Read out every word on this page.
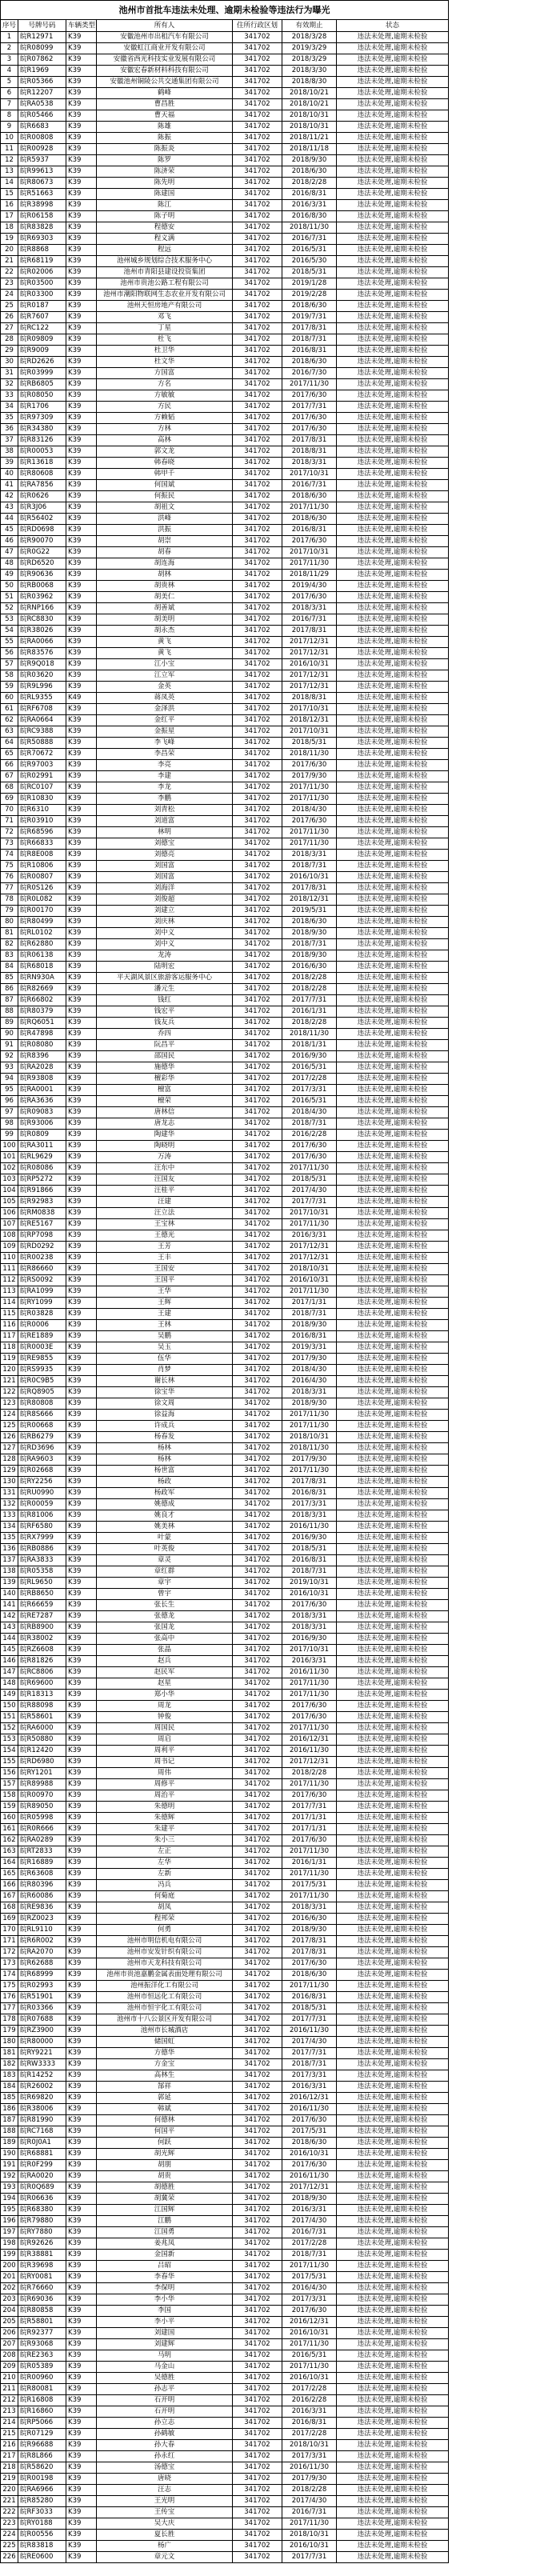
池州市首批车违法未处理、逾期未检验等违法行为曝光						
序号	号牌号码	车辆类型	所有人	住所行政区划	有效期止	状态
1	皖R12971	K39	安徽池州市出租汽车有限公司	341702	2018/3/28	违法未处理,逾期未检验
2	皖R08099	K39	安徽虹江商业开发有限公司	341702	2019/3/29	违法未处理,逾期未检验
3	皖R07862	K39	安徽省西光科技实业发展有限公司	341702	2018/3/29	违法未处理,逾期未检验
4	皖R1969	K39	安徽宏春新材料科技有限公司	341702	2018/3/30	违法未处理,逾期未检验
5	皖R05366	K39	安徽池州铜陵公共交通集团有限公司	341702	2018/8/30	违法未处理,逾期未检验
6	皖R12207	K39	鹤峰	341702	2018/10/21	违法未处理,逾期未检验
7	皖RA0538	K39	曹昌胜	341702	2018/10/21	违法未处理,逾期未检验
8	皖R05466	K39	曹天福	341702	2018/10/31	违法未处理,逾期未检验
9	皖R6683	K39	陈雄	341702	2018/10/31	违法未处理,逾期未检验
10	皖R00808	K39	陈振	341702	2018/11/21	违法未处理,逾期未检验
11	皖R00928	K39	陈振炎	341702	2018/11/18	违法未处理,逾期未检验
12	皖R5937	K39	陈罗	341702	2018/9/30	违法未处理,逾期未检验
13	皖R99613	K39	陈济荣	341702	2018/6/30	违法未处理,逾期未检验
14	皖R80673	K39	陈先明	341702	2018/2/28	违法未处理,逾期未检验
15	皖R51663	K39	陈建国	341702	2016/8/31	违法未处理,逾期未检验
16	皖R38998	K39	陈江	341702	2016/3/31	违法未处理,逾期未检验
17	皖R06158	K39	陈子明	341702	2016/8/30	违法未处理,逾期未检验
18	皖R83828	K39	程德安	341702	2018/11/30	违法未处理,逾期未检验
19	皖R69303	K39	程义满	341702	2016/7/31	违法未处理,逾期未检验
20	皖R8868	K39	程远	341702	2016/5/31	违法未处理,逾期未检验
21	皖R68119	K39	池州城乡规划综合技术服务中心	341702	2016/5/30	违法未处理,逾期未检验
22	皖R02006	K39	池州市青阳县建设投资集团	341702	2018/5/31	违法未处理,逾期未检验
23	皖R03500	K39	池州市贵池公路工程有限公司	341702	2019/1/28	违法未处理,逾期未检验
24	皖R03300	K39	池州市潮阳物联网生态农业开发有限公司	341702	2019/2/28	违法未处理,逾期未检验
25	皖R0187	K39	池州天恒房地产有限公司	341702	2018/6/30	违法未处理,逾期未检验
26	皖R7607	K39	邓飞	341702	2019/7/31	违法未处理,逾期未检验
27	皖RC122	K39	丁星	341702	2017/8/31	违法未处理,逾期未检验
28	皖R09809	K39	杜飞	341702	2018/7/31	违法未处理,逾期未检验
29	皖R9009	K39	杜卫华	341702	2016/8/31	违法未处理,逾期未检验
30	皖RD2626	K39	杜文华	341702	2018/6/30	违法未处理,逾期未检验
31	皖R03999	K39	方国富	341702	2016/7/30	违法未处理,逾期未检验
32	皖RB6805	K39	方名	341702	2017/11/30	违法未处理,逾期未检验
33	皖R08050	K39	方敏敏	341702	2017/6/30	违法未处理,逾期未检验
34	皖R1706	K39	方民	341702	2017/7/31	违法未处理,逾期未检验
35	皖R97309	K39	方赖韬	341702	2017/6/30	违法未处理,逾期未检验
36	皖R34380	K39	方林	341702	2017/6/30	违法未处理,逾期未检验
37	皖R83126	K39	高林	341702	2017/8/31	违法未处理,逾期未检验
38	皖R00053	K39	郭文龙	341702	2018/8/31	违法未处理,逾期未检验
39	皖R13618	K39	韩春晓	341702	2018/3/31	违法未处理,逾期未检验
40	皖R80608	K39	韩甲千	341702	2017/10/31	违法未处理,逾期未检验
41	皖RA7856	K39	何国斌	341702	2016/7/31	违法未处理,逾期未检验
42	皖R0626	K39	何振民	341702	2018/6/30	违法未处理,逾期未检验
43	皖R3J06	K39	胡祖文	341702	2017/11/30	违法未处理,逾期未检验
44	皖R56402	K39	洪峰	341702	2018/6/30	违法未处理,逾期未检验
45	皖RD0698	K39	洪振	341702	2016/8/31	违法未处理,逾期未检验
46	皖R90070	K39	胡崇	341702	2017/6/30	违法未处理,逾期未检验
47	皖R0G22	K39	胡春	341702	2017/10/31	违法未处理,逾期未检验
48	皖RD6520	K39	胡连海	341702	2017/11/30	违法未处理,逾期未检验
49	皖R90636	K39	胡林	341702	2018/11/29	违法未处理,逾期未检验
50	皖RB0068	K39	胡贵林	341702	2019/4/30	违法未处理,逾期未检验
51	皖R03962	K39	胡美仁	341702	2017/6/30	违法未处理,逾期未检验
52	皖RNP166	K39	胡善斌	341702	2018/3/31	违法未处理,逾期未检验
53	皖RC8830	K39	胡美明	341702	2016/7/31	违法未处理,逾期未检验
54	皖R38026	K39	胡永杰	341702	2017/8/31	违法未处理,逾期未检验
55	皖RA0066	K39	黄飞	341702	2017/12/31	违法未处理,逾期未检验
56	皖R83576	K39	黄飞	341702	2017/12/31	违法未处理,逾期未检验
57	皖R9Q018	K39	江小宝	341702	2016/10/31	违法未处理,逾期未检验
58	皖R03620	K39	江立军	341702	2017/12/31	违法未处理,逾期未检验
59	皖R9L996	K39	金英	341702	2017/12/31	违法未处理,逾期未检验
60	皖RL9355	K49	蒋凤英	341702	2018/8/31	违法未处理,逾期未检验
61	皖RF6708	K39	金泽洪	341702	2017/10/31	违法未处理,逾期未检验
62	皖RA0664	K39	金红平	341702	2018/12/31	违法未处理,逾期未检验
63	皖RC9388	K39	金振星	341702	2017/10/31	违法未处理,逾期未检验
64	皖R50888	K39	李飞峰	341702	2018/5/31	违法未处理,逾期未检验
65	皖R70672	K39	李昌荣	341702	2018/11/30	违法未处理,逾期未检验
66	皖R97003	K39	李亮	341702	2017/6/30	违法未处理,逾期未检验
67	皖R02991	K39	李建	341702	2017/9/30	违法未处理,逾期未检验
68	皖RC0107	K39	李龙	341702	2017/11/30	违法未处理,逾期未检验
69	皖R10830	K39	李鹏	341702	2017/11/30	违法未处理,逾期未检验
70	皖R6310	K39	刘青松	341702	2018/4/30	违法未处理,逾期未检验
71	皖R03910	K39	刘道富	341702	2017/6/30	违法未处理,逾期未检验
72	皖R68596	K39	林明	341702	2017/11/30	违法未处理,逾期未检验
73	皖R66833	K39	刘德宝	341702	2017/11/30	违法未处理,逾期未检验
74	皖R8E008	K39	刘德亮	341702	2018/3/31	违法未处理,逾期未检验
75	皖R10806	K39	刘国富	341702	2018/7/31	违法未处理,逾期未检验
76	皖R00807	K39	刘国富	341702	2016/10/31	违法未处理,逾期未检验
77	皖R0S126	K39	刘海洋	341702	2017/8/31	违法未处理,逾期未检验
78	皖R0L082	K39	刘俊超	341702	2018/12/31	违法未处理,逾期未检验
79	皖R00170	K39	刘建立	341702	2019/5/31	违法未处理,逾期未检验
80	皖R80499	K39	刘庆林	341702	2018/6/30	违法未处理,逾期未检验
81	皖RL0102	K39	刘中义	341702	2018/9/30	违法未处理,逾期未检验
82	皖R62880	K39	刘中义	341702	2018/7/31	违法未处理,逾期未检验
83	皖R06138	K39	龙涛	341702	2018/9/30	违法未处理,逾期未检验
84	皖R68018	K39	陆明宏	341702	2016/6/30	违法未处理,逾期未检验
85	皖RN930A	K39	平天湖风景区旅游客运服务中心	341702	2018/2/28	违法未处理,逾期未检验
86	皖R82669	K39	潘元生	341702	2018/2/28	违法未处理,逾期未检验
87	皖R66802	K39	钱红	341702	2017/7/31	违法未处理,逾期未检验
88	皖R80379	K39	钱宏平	341702	2016/1/31	违法未处理,逾期未检验
89	皖RQ6051	K39	钱友兵	341702	2018/2/28	违法未处理,逾期未检验
90	皖R47898	K39	乔四	341702	2018/11/30	违法未处理,逾期未检验
91	皖R08080	K39	阮昌平	341702	2018/1/31	违法未处理,逾期未检验
92	皖R8396	K39	邵国民	341702	2016/9/30	违法未处理,逾期未检验
93	皖RA2028	K39	施德华	341702	2016/5/31	违法未处理,逾期未检验
94	皖R93808	K39	檀彩华	341702	2017/2/28	违法未处理,逾期未检验
95	皖RA0001	K39	檀富	341702	2017/3/31	违法未处理,逾期未检验
96	皖RA3636	K39	檀荣	341702	2016/5/31	违法未处理,逾期未检验
97	皖R09083	K39	唐林信	341702	2018/4/30	违法未处理,逾期未检验
98	皖R93006	K39	唐龙志	341702	2018/7/31	违法未处理,逾期未检验
99	皖R0809	K39	陶建华	341702	2016/2/28	违法未处理,逾期未检验
100	皖RA3011	K39	陶晓明	341702	2017/6/30	违法未处理,逾期未检验
101	皖RL9629	K39	万涛	341702	2017/6/30	违法未处理,逾期未检验
102	皖R08086	K39	汪东中	341702	2017/11/30	违法未处理,逾期未检验
103	皖RP5272	K39	汪国友	341702	2018/5/31	违法未处理,逾期未检验
104	皖R91866	K39	汪桂平	341702	2017/4/30	违法未处理,逾期未检验
105	皖R92983	K39	汪建	341702	2017/7/31	违法未处理,逾期未检验
106	皖RM0838	K39	汪立法	341702	2017/10/31	违法未处理,逾期未检验
107	皖RE5167	K39	王宝林	341702	2017/11/30	违法未处理,逾期未检验
108	皖RP7098	K39	王德光	341702	2016/3/31	违法未处理,逾期未检验
109	皖RD0292	K39	王芳	341702	2017/12/31	违法未处理,逾期未检验
110	皖R00238	K39	王丰	341702	2017/12/31	违法未处理,逾期未检验
111	皖R86660	K39	王国安	341702	2018/10/31	违法未处理,逾期未检验
112	皖RS0092	K39	王国平	341702	2016/10/31	违法未处理,逾期未检验
113	皖RA1099	K39	王华	341702	2017/11/30	违法未处理,逾期未检验
114	皖RY1099	K39	王辉	341702	2017/1/31	违法未处理,逾期未检验
115	皖R03828	K39	王建	341702	2018/7/31	违法未处理,逾期未检验
116	皖R0006	K39	王林	341702	2018/9/30	违法未处理,逾期未检验
117	皖RE1889	K39	吴鹏	341702	2016/8/31	违法未处理,逾期未检验
118	皖R0003E	K39	吴玉	341702	2019/3/31	违法未处理,逾期未检验
119	皖RE9855	K39	伍华	341702	2017/9/30	违法未处理,逾期未检验
120	皖RS9935	K39	肖梦	341702	2018/4/30	违法未处理,逾期未检验
121	皖R0C9B5	K39	谢长林	341702	2016/4/30	违法未处理,逾期未检验
122	皖RQ8905	K39	徐宝华	341702	2018/3/31	违法未处理,逾期未检验
123	皖R80808	K39	徐文周	341702	2018/9/30	违法未处理,逾期未检验
124	皖R8S666	K39	徐益海	341702	2017/11/30	违法未处理,逾期未检验
125	皖R00668	K39	许成兵	341702	2017/11/30	违法未处理,逾期未检验
126	皖RB6279	K39	杨春发	341702	2018/10/31	违法未处理,逾期未检验
127	皖RD3696	K39	杨林	341702	2018/11/30	违法未处理,逾期未检验
128	皖RA9603	K39	杨林	341702	2017/9/30	违法未处理,逾期未检验
129	皖R02668	K39	杨世富	341702	2017/11/30	违法未处理,逾期未检验
130	皖RY2256	K39	杨政	341702	2017/8/31	违法未处理,逾期未检验
131	皖RU0990	K39	杨政军	341702	2016/8/31	违法未处理,逾期未检验
132	皖R00059	K39	姚德成	341702	2017/3/31	违法未处理,逾期未检验
133	皖R81006	K39	姚良才	341702	2018/3/31	违法未处理,逾期未检验
134	皖RF6580	K39	姚美林	341702	2016/11/30	违法未处理,逾期未检验
135	皖RX7999	K39	叶蒙	341702	2016/9/30	违法未处理,逾期未检验
136	皖RB0886	K39	叶英俊	341702	2018/5/31	违法未处理,逾期未检验
137	皖RA3833	K39	章灵	341702	2016/8/31	违法未处理,逾期未检验
138	皖R05358	K39	章红群	341702	2018/7/31	违法未处理,逾期未检验
139	皖RL9650	K39	章宇	341702	2019/10/31	违法未处理,逾期未检验
140	皖RB8650	K39	曾宇	341702	2016/10/31	违法未处理,逾期未检验
141	皖R66659	K39	张长生	341702	2017/6/30	违法未处理,逾期未检验
142	皖RE7287	K39	张德龙	341702	2018/3/31	违法未处理,逾期未检验
143	皖RB8900	K39	张国龙	341702	2018/3/31	违法未处理,逾期未检验
144	皖R38002	K39	张高中	341702	2016/9/30	违法未处理,逾期未检验
145	皖RZ6608	K39	张晶	341702	2017/10/31	违法未处理,逾期未检验
146	皖R81826	K39	赵兵	341702	2016/3/31	违法未处理,逾期未检验
147	皖RC8806	K39	赵民军	341702	2016/11/30	违法未处理,逾期未检验
148	皖R69600	K39	赵星	341702	2017/11/30	违法未处理,逾期未检验
149	皖R18313	K39	郑小华	341702	2017/11/30	违法未处理,逾期未检验
150	皖R88098	K39	周龙	341702	2017/6/30	违法未处理,逾期未检验
151	皖R58601	K39	钟俊	341702	2017/6/30	违法未处理,逾期未检验
152	皖RA6000	K39	周国民	341702	2017/11/30	违法未处理,逾期未检验
153	皖R50880	K39	周启	341702	2016/12/31	违法未处理,逾期未检验
154	皖R12420	K39	周利平	341702	2016/11/30	违法未处理,逾期未检验
155	皖RD6980	K39	周书记	341702	2017/12/31	违法未处理,逾期未检验
156	皖RY1201	K39	周伟	341702	2018/2/28	违法未处理,逾期未检验
157	皖R89988	K39	周修平	341702	2017/11/30	违法未处理,逾期未检验
158	皖R00970	K39	周治平	341702	2017/6/30	违法未处理,逾期未检验
159	皖R89050	K39	朱德明	341702	2017/7/31	违法未处理,逾期未检验
160	皖R05998	K39	朱德辉	341702	2017/1/31	违法未处理,逾期未检验
161	皖R0R666	K39	朱建平	341702	2017/1/31	违法未处理,逾期未检验
162	皖RA0289	K39	朱小三	341702	2017/6/30	违法未处理,逾期未检验
163	皖RT2833	K39	左正	341702	2017/11/30	违法未处理,逾期未检验
164	皖R16889	K39	左华	341702	2016/1/31	违法未处理,逾期未检验
165	皖R63608	K39	左新	341702	2017/11/30	违法未处理,逾期未检验
166	皖R80396	K39	冯兵	341702	2017/5/31	违法未处理,逾期未检验
167	皖R60086	K39	何菊庭	341702	2017/11/30	违法未处理,逾期未检验
168	皖RE9836	K39	胡凤	341702	2018/3/31	违法未处理,逾期未检验
169	皖RZ0023	K39	程邦荣	341702	2016/6/30	违法未处理,逾期未检验
170	皖RL9110	K39	何勇	341702	2018/9/30	违法未处理,逾期未检验
171	皖R6R002	K39	池州市明信机电有限公司	341702	2017/8/31	违法未处理,逾期未检验
172	皖RA2070	K39	池州市安发针织有限公司	341702	2017/8/31	违法未处理,逾期未检验
173	皖R62688	K39	池州市天龙科技有限公司	341702	2017/6/30	违法未处理,逾期未检验
174	皖R68999	K39	池州市贵池嘉鹏金属表面处理有限公司	341702	2018/6/30	违法未处理,逾期未检验
175	皖R02993	K39	池州振洋化工有限公司	341702	2017/11/30	违法未处理,逾期未检验
176	皖R51901	K39	池州市恒远化工有限公司	341702	2016/8/31	违法未处理,逾期未检验
177	皖R03366	K39	池州市恒宇化工有限公司	341702	2018/5/31	违法未处理,逾期未检验
178	皖R07688	K39	池州市十八公景区开发有限公司	341702	2017/7/31	违法未处理,逾期未检验
179	皖RZ3900	K39	池州市长城酒店	341702	2016/11/30	违法未处理,逾期未检验
180	皖R80000	K39	储国虹	341702	2017/4/30	违法未处理,逾期未检验
181	皖RY9221	K39	方德华	341702	2017/7/31	违法未处理,逾期未检验
182	皖RW3333	K39	方金宝	341702	2018/7/31	违法未处理,逾期未检验
183	皖R14252	K39	高林生	341702	2017/3/31	违法未处理,逾期未检验
184	皖R26002	K39	郜祥	341702	2016/3/31	违法未处理,逾期未检验
185	皖R69820	K39	郭延	341702	2016/12/31	违法未处理,逾期未检验
186	皖R38006	K39	韩斌	341702	2016/11/30	违法未处理,逾期未检验
187	皖R81990	K39	何德林	341702	2017/6/30	违法未处理,逾期未检验
188	皖RC7168	K39	何国平	341702	2017/5/31	违法未处理,逾期未检验
189	皖R0J0A1	K39	何跃	341702	2018/6/30	违法未处理,逾期未检验
190	皖R68881	K39	胡光辉	341702	2016/10/31	违法未处理,逾期未检验
191	皖R0F299	K39	胡朋	341702	2017/6/30	违法未处理,逾期未检验
192	皖RA0020	K39	胡贵	341702	2016/11/30	违法未处理,逾期未检验
193	皖R0Q689	K39	胡德胜	341702	2017/12/31	违法未处理,逾期未检验
194	皖R06636	K39	胡冀荣	341702	2018/9/30	违法未处理,逾期未检验
195	皖R68380	K39	江国辉	341702	2016/3/31	违法未处理,逾期未检验
196	皖R79880	K39	江鹏	341702	2017/4/30	违法未处理,逾期未检验
197	皖RY7880	K39	江国勇	341702	2016/7/31	违法未处理,逾期未检验
198	皖R92626	K39	姜兆凤	341702	2017/2/28	违法未处理,逾期未检验
199	皖R38881	K39	金国新	341702	2018/7/31	违法未处理,逾期未检验
200	皖R39698	K39	吕昭	341702	2017/11/30	违法未处理,逾期未检验
201	皖RY0081	K39	李春华	341702	2017/5/31	违法未处理,逾期未检验
202	皖R76660	K39	李保明	341702	2016/4/30	违法未处理,逾期未检验
203	皖R69036	K39	李小华	341702	2017/3/31	违法未处理,逾期未检验
204	皖R80858	K39	李国	341702	2017/6/30	违法未处理,逾期未检验
205	皖R58801	K39	李小平	341702	2016/12/31	违法未处理,逾期未检验
206	皖R92377	K39	刘建国	341702	2016/10/31	违法未处理,逾期未检验
207	皖R93068	K39	刘建辉	341702	2017/11/30	违法未处理,逾期未检验
208	皖RE2363	K39	马明	341702	2016/5/31	违法未处理,逾期未检验
209	皖R05389	K39	马金山	341702	2017/11/30	违法未处理,逾期未检验
210	皖R00960	K39	吴德胜	341702	2016/10/31	违法未处理,逾期未检验
211	皖R80081	K39	孙志平	341702	2017/2/28	违法未处理,逾期未检验
212	皖R16808	K39	石开明	341702	2016/2/28	违法未处理,逾期未检验
213	皖R16860	K39	石开明	341702	2016/3/31	违法未处理,逾期未检验
214	皖RP5066	K39	孙立志	341702	2016/8/31	违法未处理,逾期未检验
215	皖R07129	K39	孙鹤敏	341702	2017/2/28	违法未处理,逾期未检验
216	皖R96688	K39	孙大春	341702	2018/10/31	违法未处理,逾期未检验
217	皖R8L866	K39	孙永红	341702	2017/3/31	违法未处理,逾期未检验
218	皖R58620	K39	汤德宝	341702	2016/11/30	违法未处理,逾期未检验
219	皖R00198	K39	唐晓	341702	2017/9/30	违法未处理,逾期未检验
220	皖RA6966	K39	汪志	341702	2018/2/28	违法未处理,逾期未检验
221	皖R85280	K39	王光明	341702	2017/4/30	违法未处理,逾期未检验
222	皖RF3033	K39	王传宝	341702	2016/7/31	违法未处理,逾期未检验
223	皖RY0188	K39	吴大庆	341702	2017/11/30	违法未处理,逾期未检验
224	皖R00556	K39	夏长胜	341702	2018/10/31	违法未处理,逾期未检验
225	皖R83818	K39	杨广	341702	2016/10/31	违法未处理,逾期未检验
226	皖RE0600	K39	章元文	341702	2017/7/31	违法未处理,逾期未检验
